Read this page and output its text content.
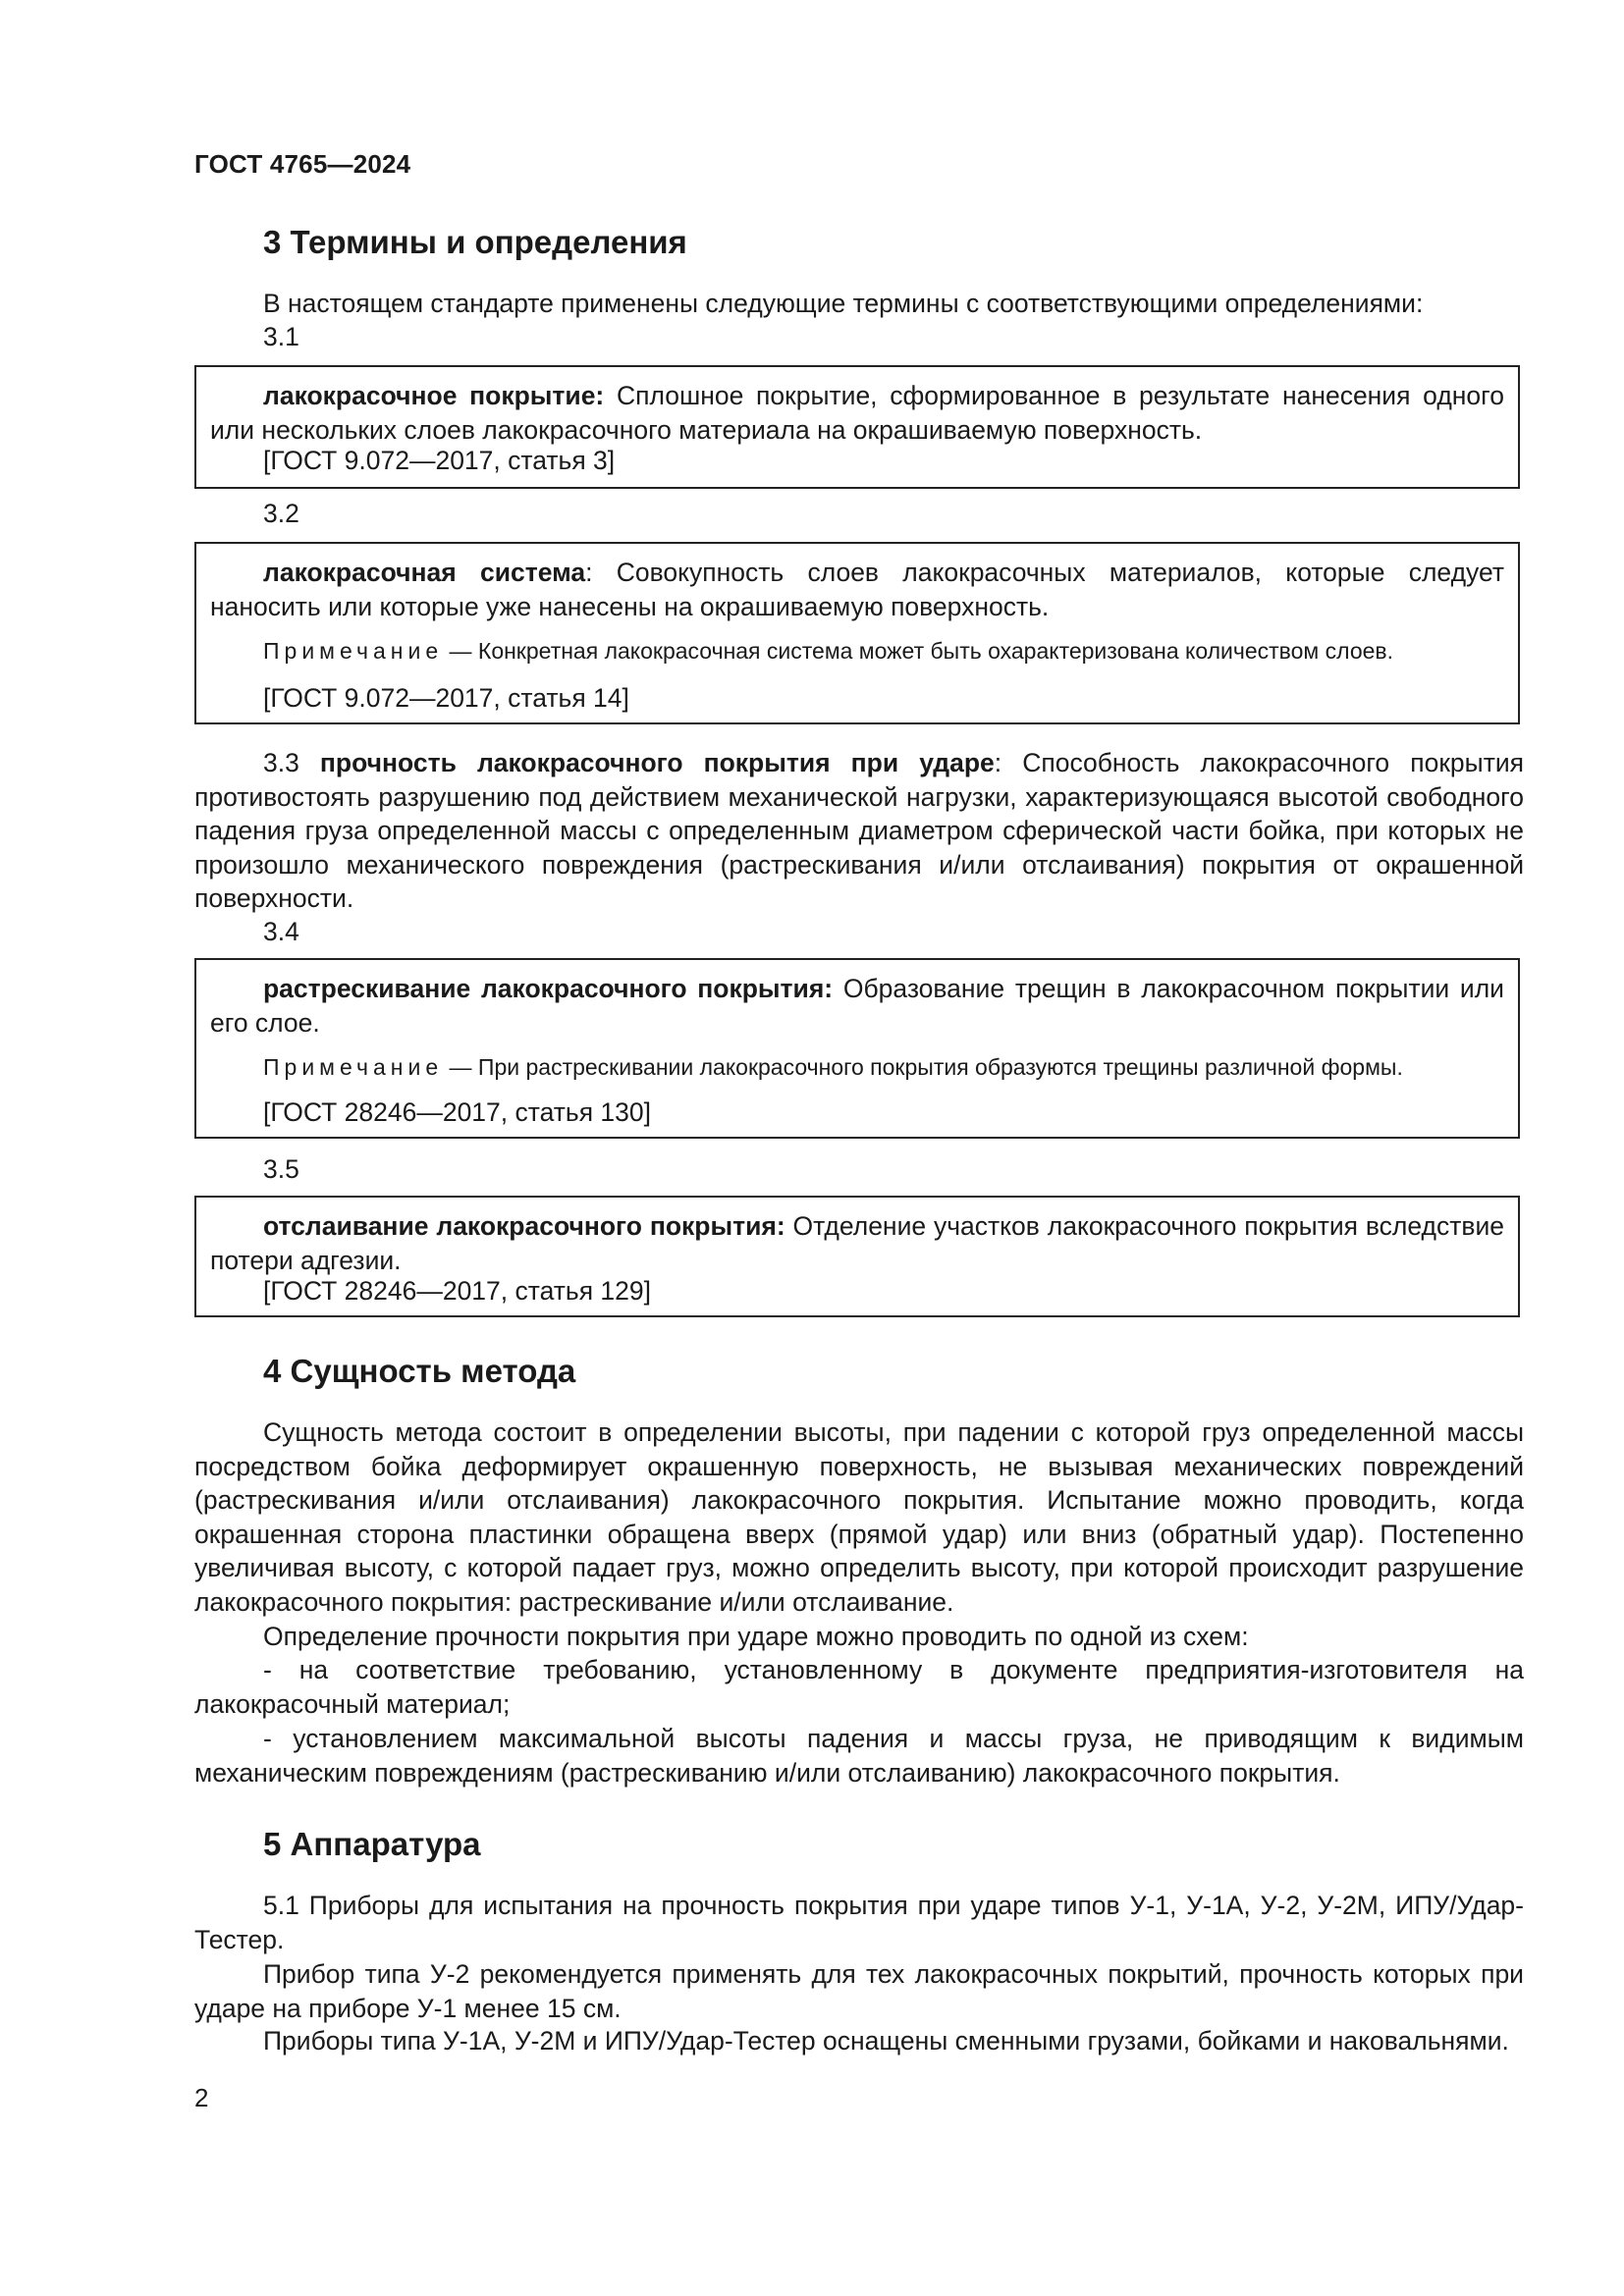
ГОСТ 4765—2024
3 Термины и определения
В настоящем стандарте применены следующие термины с соответствующими определениями:
3.1
лакокрасочное покрытие: Сплошное покрытие, сформированное в результате нанесения одного или нескольких слоев лакокрасочного материала на окрашиваемую поверхность.
[ГОСТ 9.072—2017, статья 3]
3.2
лакокрасочная система: Совокупность слоев лакокрасочных материалов, которые следует наносить или которые уже нанесены на окрашиваемую поверхность.
Примечание — Конкретная лакокрасочная система может быть охарактеризована количеством слоев.
[ГОСТ 9.072—2017, статья 14]
3.3 прочность лакокрасочного покрытия при ударе: Способность лакокрасочного покрытия противостоять разрушению под действием механической нагрузки, характеризующаяся высотой свободного падения груза определенной массы с определенным диаметром сферической части бойка, при которых не произошло механического повреждения (растрескивания и/или отслаивания) покрытия от окрашенной поверхности.
3.4
растрескивание лакокрасочного покрытия: Образование трещин в лакокрасочном покрытии или его слое.
Примечание — При растрескивании лакокрасочного покрытия образуются трещины различной формы.
[ГОСТ 28246—2017, статья 130]
3.5
отслаивание лакокрасочного покрытия: Отделение участков лакокрасочного покрытия вследствие потери адгезии.
[ГОСТ 28246—2017, статья 129]
4 Сущность метода
Сущность метода состоит в определении высоты, при падении с которой груз определенной массы посредством бойка деформирует окрашенную поверхность, не вызывая механических повреждений (растрескивания и/или отслаивания) лакокрасочного покрытия. Испытание можно проводить, когда окрашенная сторона пластинки обращена вверх (прямой удар) или вниз (обратный удар). Постепенно увеличивая высоту, с которой падает груз, можно определить высоту, при которой происходит разрушение лакокрасочного покрытия: растрескивание и/или отслаивание.
Определение прочности покрытия при ударе можно проводить по одной из схем:
- на соответствие требованию, установленному в документе предприятия-изготовителя на лакокрасочный материал;
- установлением максимальной высоты падения и массы груза, не приводящим к видимым механическим повреждениям (растрескиванию и/или отслаиванию) лакокрасочного покрытия.
5 Аппаратура
5.1 Приборы для испытания на прочность покрытия при ударе типов У-1, У-1А, У-2, У-2М, ИПУ/Удар-Тестер.
Прибор типа У-2 рекомендуется применять для тех лакокрасочных покрытий, прочность которых при ударе на приборе У-1 менее 15 см.
Приборы типа У-1А, У-2М и ИПУ/Удар-Тестер оснащены сменными грузами, бойками и наковальнями.
2
